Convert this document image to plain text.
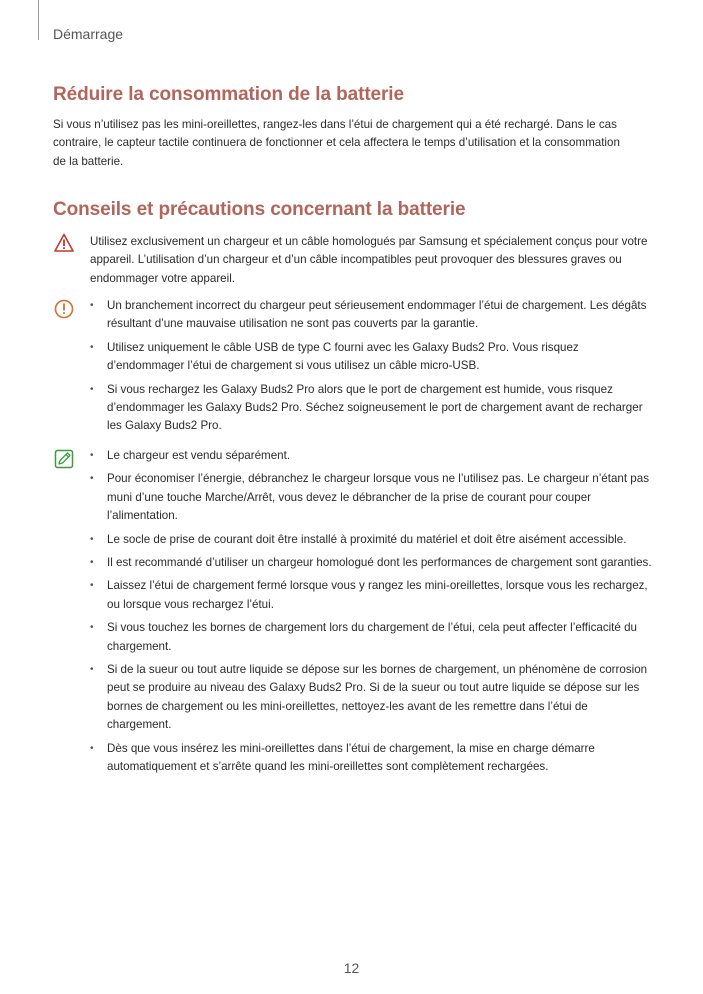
Démarrage
Réduire la consommation de la batterie

Si vous n’utilisez pas les mini-oreillettes, rangez-les dans l’étui de chargement qui a été rechargé. Dans le cas contraire, le capteur tactile continuera de fonctionner et cela affectera le temps d’utilisation et la consommation de la batterie.

Conseils et précautions concernant la batterie

Utilisez exclusivement un chargeur et un câble homologués par Samsung et spécialement conçus pour votre appareil. L’utilisation d’un chargeur et d’un câble incompatibles peut provoquer des blessures graves ou endommager votre appareil.

• Un branchement incorrect du chargeur peut sérieusement endommager l’étui de chargement. Les dégâts résultant d’une mauvaise utilisation ne sont pas couverts par la garantie.
• Utilisez uniquement le câble USB de type C fourni avec les Galaxy Buds2 Pro. Vous risquez d’endommager l’étui de chargement si vous utilisez un câble micro-USB.
• Si vous rechargez les Galaxy Buds2 Pro alors que le port de chargement est humide, vous risquez d’endommager les Galaxy Buds2 Pro. Séchez soigneusement le port de chargement avant de recharger les Galaxy Buds2 Pro.
• Le chargeur est vendu séparément.
• Pour économiser l’énergie, débranchez le chargeur lorsque vous ne l’utilisez pas. Le chargeur n’étant pas muni d’une touche Marche/Arrêt, vous devez le débrancher de la prise de courant pour couper l’alimentation.
• Le socle de prise de courant doit être installé à proximité du matériel et doit être aisément accessible.
• Il est recommandé d’utiliser un chargeur homologué dont les performances de chargement sont garanties.
• Laissez l’étui de chargement fermé lorsque vous y rangez les mini-oreillettes, lorsque vous les rechargez, ou lorsque vous rechargez l’étui.
• Si vous touchez les bornes de chargement lors du chargement de l’étui, cela peut affecter l’efficacité du chargement.
• Si de la sueur ou tout autre liquide se dépose sur les bornes de chargement, un phénomène de corrosion peut se produire au niveau des Galaxy Buds2 Pro. Si de la sueur ou tout autre liquide se dépose sur les bornes de chargement ou les mini-oreillettes, nettoyez-les avant de les remettre dans l’étui de chargement.
• Dès que vous insérez les mini-oreillettes dans l’étui de chargement, la mise en charge démarre automatiquement et s’arrête quand les mini-oreillettes sont complètement rechargées.
12
